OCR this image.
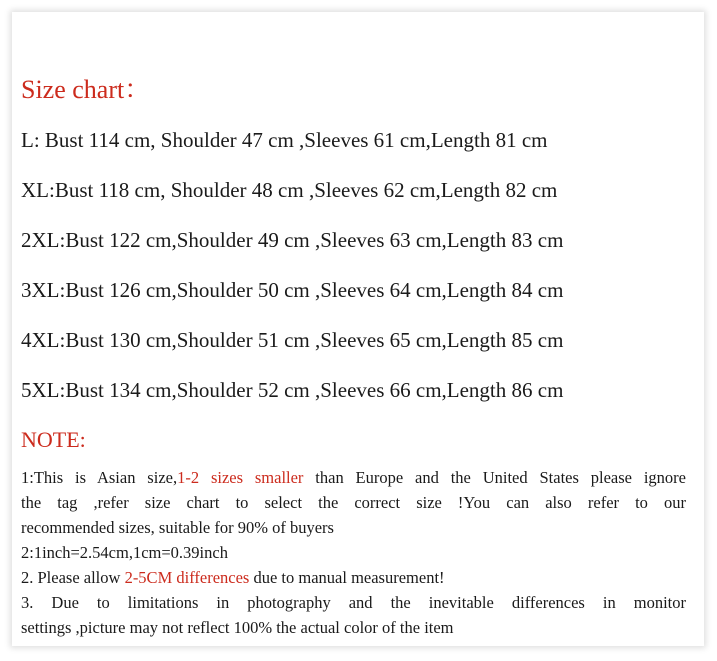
Size chart：
L: Bust 114 cm, Shoulder 47 cm ,Sleeves 61 cm,Length 81 cm
XL:Bust 118 cm, Shoulder 48 cm ,Sleeves 62 cm,Length 82 cm
2XL:Bust 122 cm,Shoulder 49 cm ,Sleeves 63 cm,Length 83 cm
3XL:Bust 126 cm,Shoulder 50 cm ,Sleeves 64 cm,Length 84 cm
4XL:Bust 130 cm,Shoulder 51 cm ,Sleeves 65 cm,Length 85 cm
5XL:Bust 134 cm,Shoulder 52 cm ,Sleeves 66 cm,Length 86 cm
NOTE:
1:This is Asian size,1-2 sizes smaller than Europe and the United States please ignore
the tag ,refer size chart to select the correct size !You can also refer to our
recommended sizes, suitable for 90% of buyers
2:1inch=2.54cm,1cm=0.39inch
2. Please allow 2-5CM differences due to manual measurement!
3. Due to limitations in photography and the inevitable differences in monitor
settings ,picture may not reflect 100% the actual color of the item
